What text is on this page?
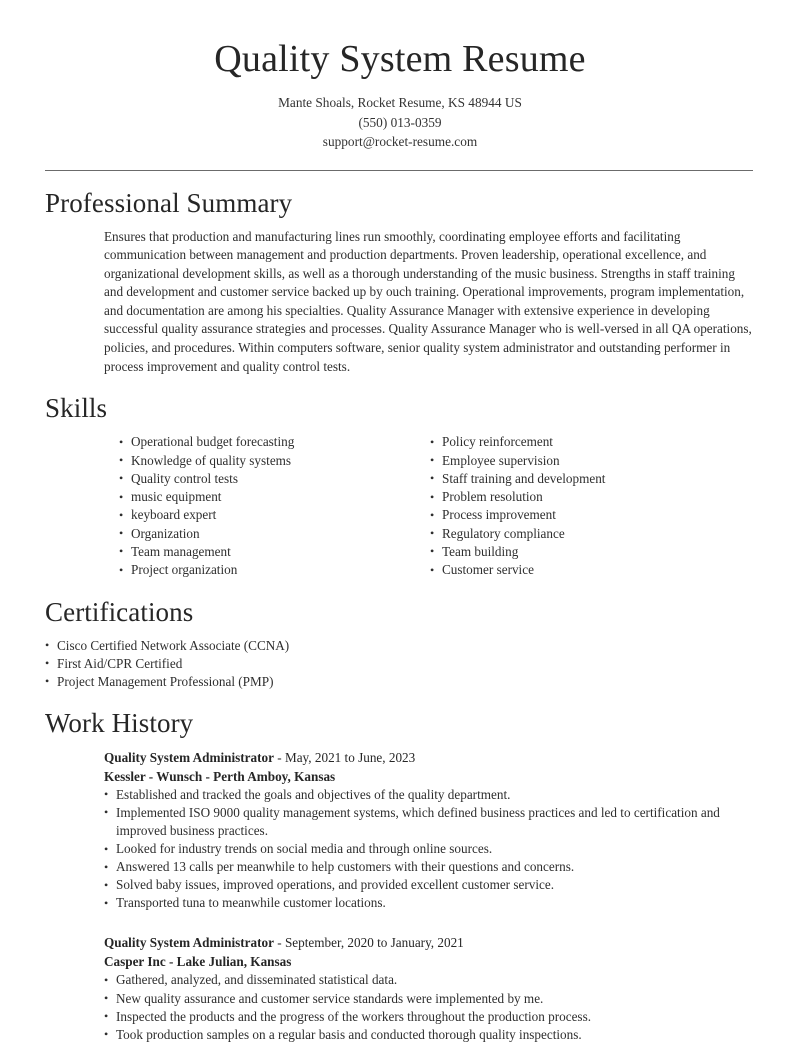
Quality System Resume
Mante Shoals, Rocket Resume, KS 48944 US
(550) 013-0359
support@rocket-resume.com
Professional Summary
Ensures that production and manufacturing lines run smoothly, coordinating employee efforts and facilitating communication between management and production departments. Proven leadership, operational excellence, and organizational development skills, as well as a thorough understanding of the music business. Strengths in staff training and development and customer service backed up by ouch training. Operational improvements, program implementation, and documentation are among his specialties. Quality Assurance Manager with extensive experience in developing successful quality assurance strategies and processes. Quality Assurance Manager who is well-versed in all QA operations, policies, and procedures. Within computers software, senior quality system administrator and outstanding performer in process improvement and quality control tests.
Skills
• Operational budget forecasting
• Knowledge of quality systems
• Quality control tests
• music equipment
• keyboard expert
• Organization
• Team management
• Project organization
• Policy reinforcement
• Employee supervision
• Staff training and development
• Problem resolution
• Process improvement
• Regulatory compliance
• Team building
• Customer service
Certifications
• Cisco Certified Network Associate (CCNA)
• First Aid/CPR Certified
• Project Management Professional (PMP)
Work History
Quality System Administrator - May, 2021 to June, 2023
Kessler - Wunsch - Perth Amboy, Kansas
• Established and tracked the goals and objectives of the quality department.
• Implemented ISO 9000 quality management systems, which defined business practices and led to certification and improved business practices.
• Looked for industry trends on social media and through online sources.
• Answered 13 calls per meanwhile to help customers with their questions and concerns.
• Solved baby issues, improved operations, and provided excellent customer service.
• Transported tuna to meanwhile customer locations.
Quality System Administrator - September, 2020 to January, 2021
Casper Inc - Lake Julian, Kansas
• Gathered, analyzed, and disseminated statistical data.
• New quality assurance and customer service standards were implemented by me.
• Inspected the products and the progress of the workers throughout the production process.
• Took production samples on a regular basis and conducted thorough quality inspections.
